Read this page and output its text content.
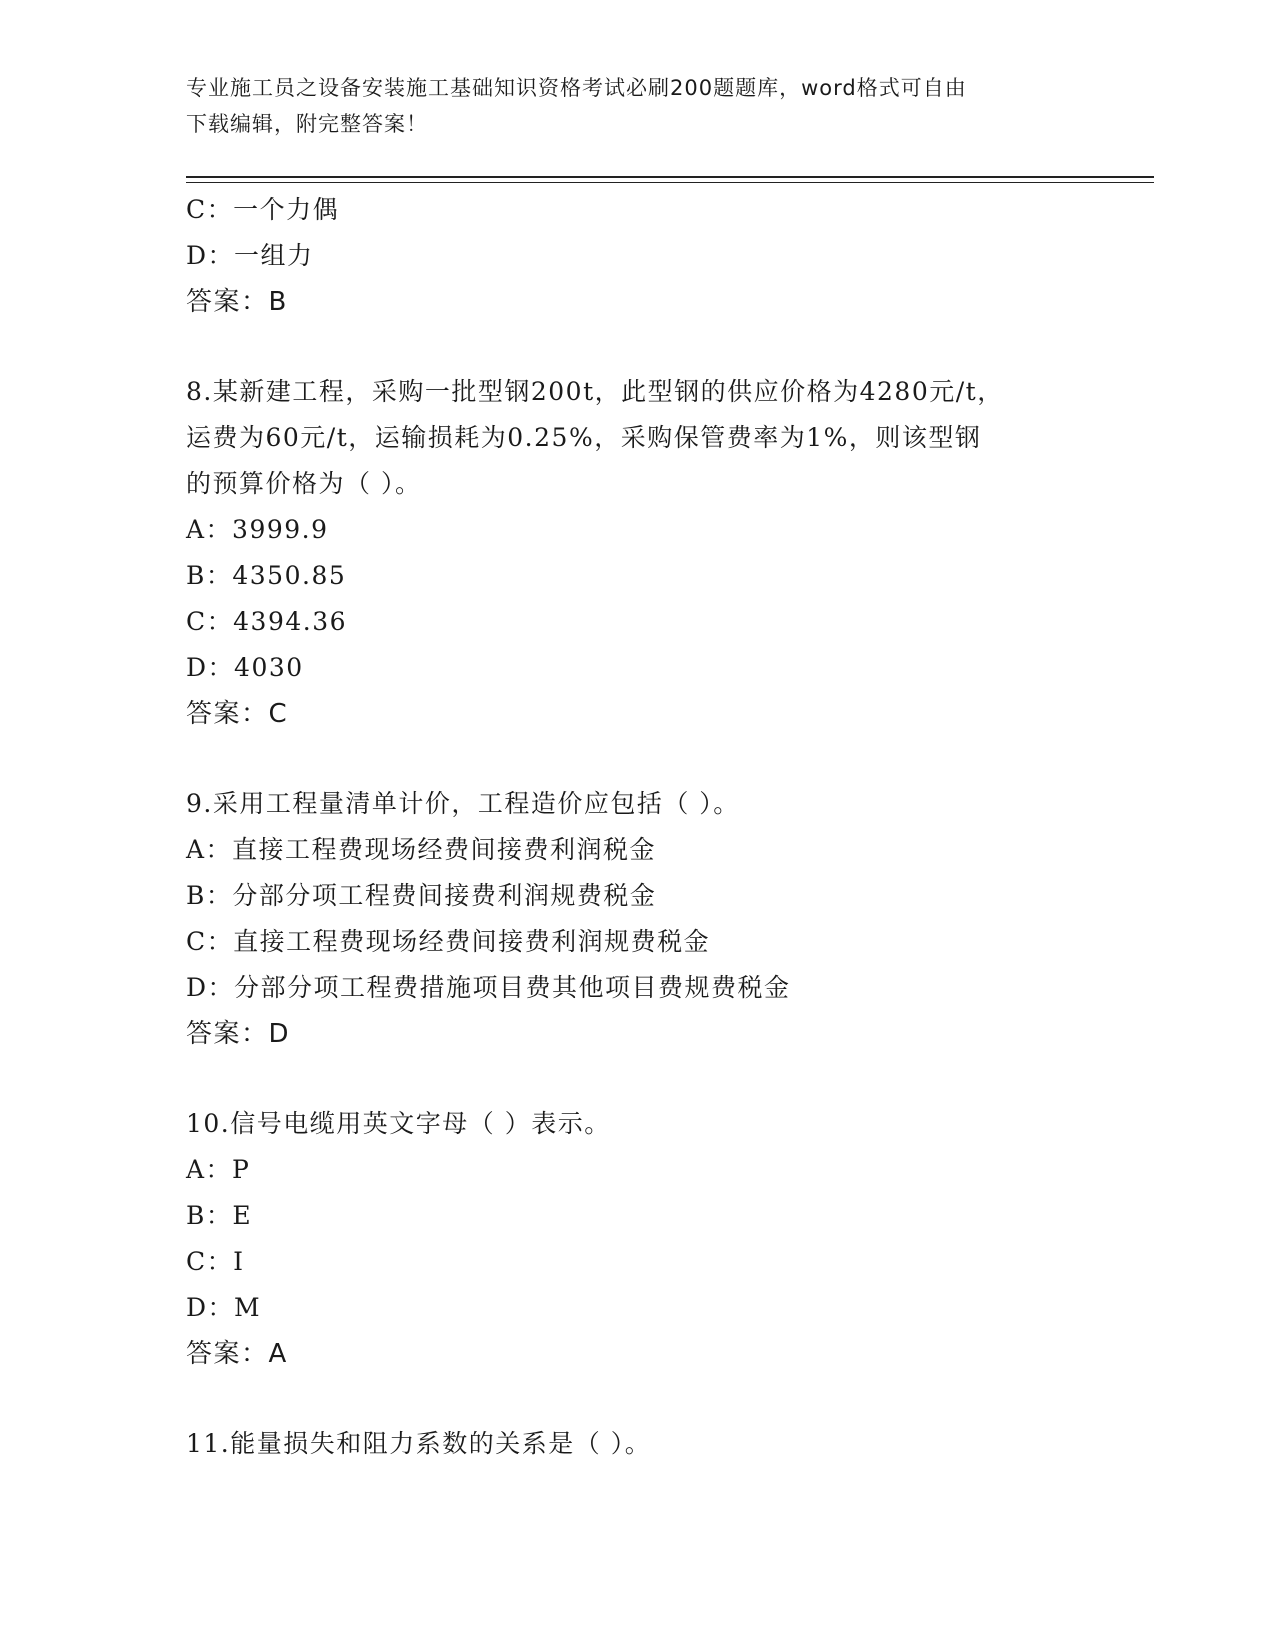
专业施工员之设备安装施工基础知识资格考试必刷200题题库，word格式可自由
下载编辑，附完整答案！
C：一个力偶
D：一组力
答案：B
8.某新建工程，采购一批型钢200t，此型钢的供应价格为4280元/t，
运费为60元/t，运输损耗为0.25%，采购保管费率为1%，则该型钢
的预算价格为（ ）。
A：3999.9
B：4350.85
C：4394.36
D：4030
答案：C
9.采用工程量清单计价，工程造价应包括（ ）。
A：直接工程费现场经费间接费利润税金
B：分部分项工程费间接费利润规费税金
C：直接工程费现场经费间接费利润规费税金
D：分部分项工程费措施项目费其他项目费规费税金
答案：D
10.信号电缆用英文字母（ ）表示。
A：P
B：E
C：I
D：M
答案：A
11.能量损失和阻力系数的关系是（ ）。
